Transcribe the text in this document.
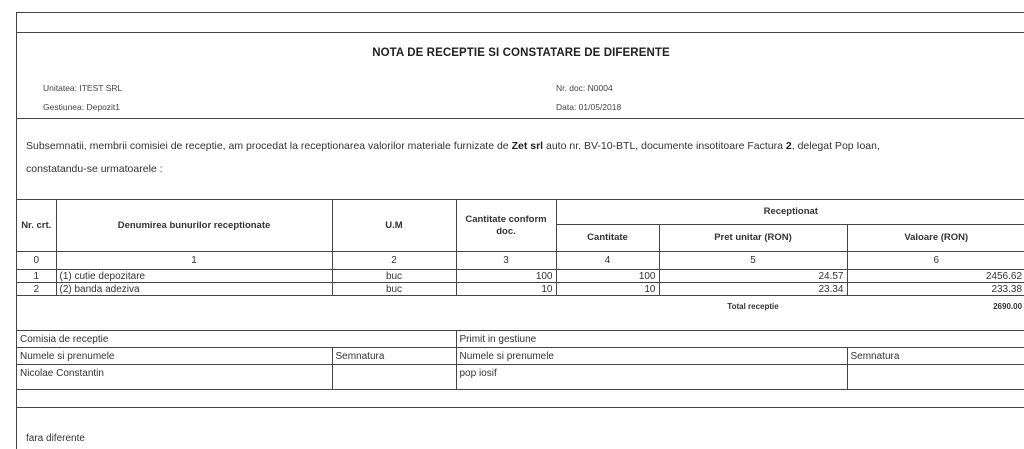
NOTA DE RECEPTIE SI CONSTATARE DE DIFERENTE
Unitatea: ITEST SRL
Gestiunea: Depozit1
Nr. doc: N0004
Data: 01/05/2018
Subsemnatii, membrii comisiei de receptie, am procedat la receptionarea valorilor materiale furnizate de Zet srl auto nr. BV-10-BTL, documente insotitoare Factura 2, delegat Pop Ioan,
constatandu-se urmatoarele :
Nr. crt.	Denumirea bunurilor receptionate	U.M	Cantitate conform doc.	Receptionat		
				Cantitate	Pret unitar (RON)	Valoare (RON)
0	1	2	3	4	5	6
1	(1) cutie depozitare	buc	100	100	24.57	2456.62
2	(2) banda adeziva	buc	10	10	23.34	233.38
					Total receptie	2690.00
Comisia de receptie		Primit in gestiune	
Numele si prenumele	Semnatura	Numele si prenumele	Semnatura
Nicolae Constantin		pop iosif	
fara diferente
